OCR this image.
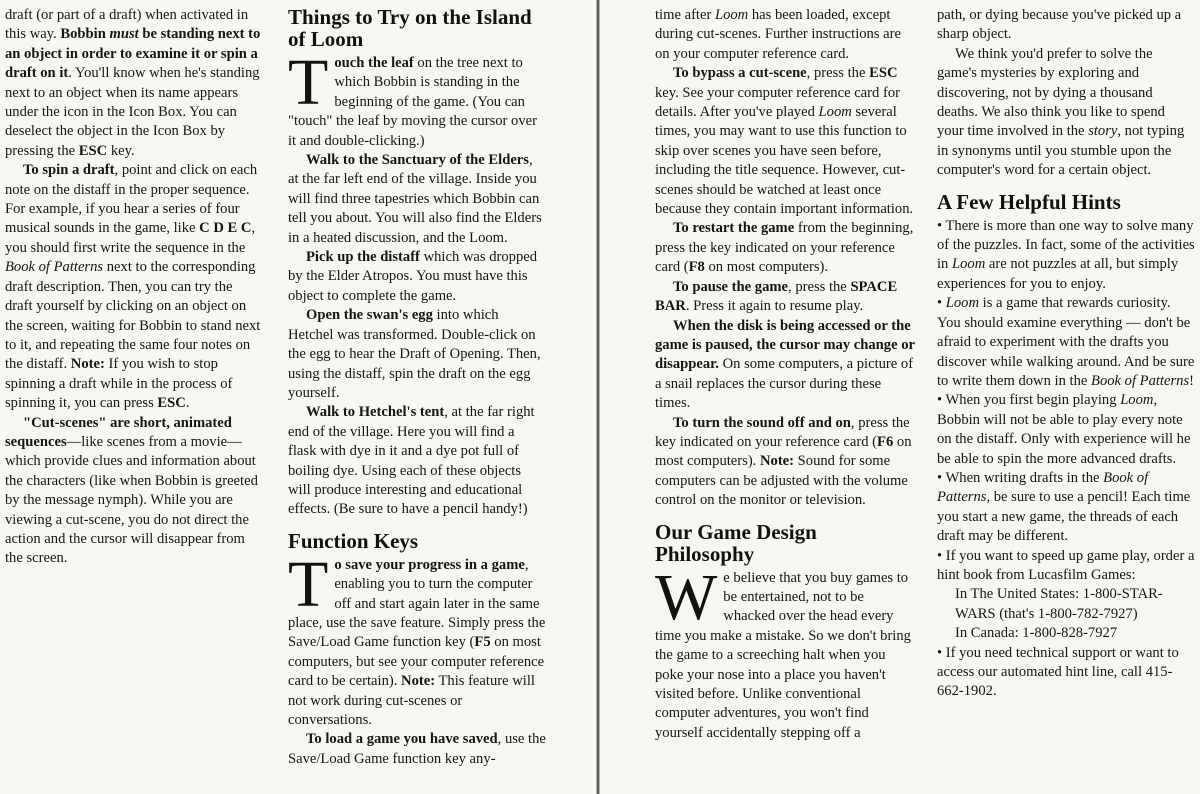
draft (or part of a draft) when activated in this way. Bobbin must be standing next to an object in order to examine it or spin a draft on it. You'll know when he's standing next to an object when its name appears under the icon in the Icon Box. You can deselect the object in the Icon Box by pressing the ESC key.

To spin a draft, point and click on each note on the distaff in the proper sequence. For example, if you hear a series of four musical sounds in the game, like C D E C, you should first write the sequence in the Book of Patterns next to the corresponding draft description. Then, you can try the draft yourself by clicking on an object on the screen, waiting for Bobbin to stand next to it, and repeating the same four notes on the distaff. Note: If you wish to stop spinning a draft while in the process of spinning it, you can press ESC.

"Cut-scenes" are short, animated sequences—like scenes from a movie—which provide clues and information about the characters (like when Bobbin is greeted by the message nymph). While you are viewing a cut-scene, you do not direct the action and the cursor will disappear from the screen.

Things to Try on the Island of Loom

Touch the leaf on the tree next to which Bobbin is standing in the beginning of the game. (You can "touch" the leaf by moving the cursor over it and double-clicking.)

Walk to the Sanctuary of the Elders, at the far left end of the village. Inside you will find three tapestries which Bobbin can tell you about. You will also find the Elders in a heated discussion, and the Loom.

Pick up the distaff which was dropped by the Elder Atropos. You must have this object to complete the game.

Open the swan's egg into which Hetchel was transformed. Double-click on the egg to hear the Draft of Opening. Then, using the distaff, spin the draft on the egg yourself.

Walk to Hetchel's tent, at the far right end of the village. Here you will find a flask with dye in it and a dye pot full of boiling dye. Using each of these objects will produce interesting and educational effects. (Be sure to have a pencil handy!)

Function Keys

To save your progress in a game, enabling you to turn the computer off and start again later in the same place, use the save feature. Simply press the Save/Load Game function key (F5 on most computers, but see your computer reference card to be certain). Note: This feature will not work during cut-scenes or conversations.

To load a game you have saved, use the Save/Load Game function key any-

time after Loom has been loaded, except during cut-scenes. Further instructions are on your computer reference card.

To bypass a cut-scene, press the ESC key. See your computer reference card for details. After you've played Loom several times, you may want to use this function to skip over scenes you have seen before, including the title sequence. However, cut-scenes should be watched at least once because they contain important information.

To restart the game from the beginning, press the key indicated on your reference card (F8 on most computers).

To pause the game, press the SPACE BAR. Press it again to resume play.

When the disk is being accessed or the game is paused, the cursor may change or disappear. On some computers, a picture of a snail replaces the cursor during these times.

To turn the sound off and on, press the key indicated on your reference card (F6 on most computers). Note: Sound for some computers can be adjusted with the volume control on the monitor or television.

Our Game Design Philosophy

We believe that you buy games to be entertained, not to be whacked over the head every time you make a mistake. So we don't bring the game to a screeching halt when you poke your nose into a place you haven't visited before. Unlike conventional computer adventures, you won't find yourself accidentally stepping off a

path, or dying because you've picked up a sharp object.

We think you'd prefer to solve the game's mysteries by exploring and discovering, not by dying a thousand deaths. We also think you like to spend your time involved in the story, not typing in synonyms until you stumble upon the computer's word for a certain object.

A Few Helpful Hints

• There is more than one way to solve many of the puzzles. In fact, some of the activities in Loom are not puzzles at all, but simply experiences for you to enjoy.

• Loom is a game that rewards curiosity. You should examine everything — don't be afraid to experiment with the drafts you discover while walking around. And be sure to write them down in the Book of Patterns!

• When you first begin playing Loom, Bobbin will not be able to play every note on the distaff. Only with experience will he be able to spin the more advanced drafts.

• When writing drafts in the Book of Patterns, be sure to use a pencil! Each time you start a new game, the threads of each draft may be different.

• If you want to speed up game play, order a hint book from Lucasfilm Games:

In The United States: 1-800-STAR-WARS (that's 1-800-782-7927)

In Canada: 1-800-828-7927

• If you need technical support or want to access our automated hint line, call 415-662-1902.
